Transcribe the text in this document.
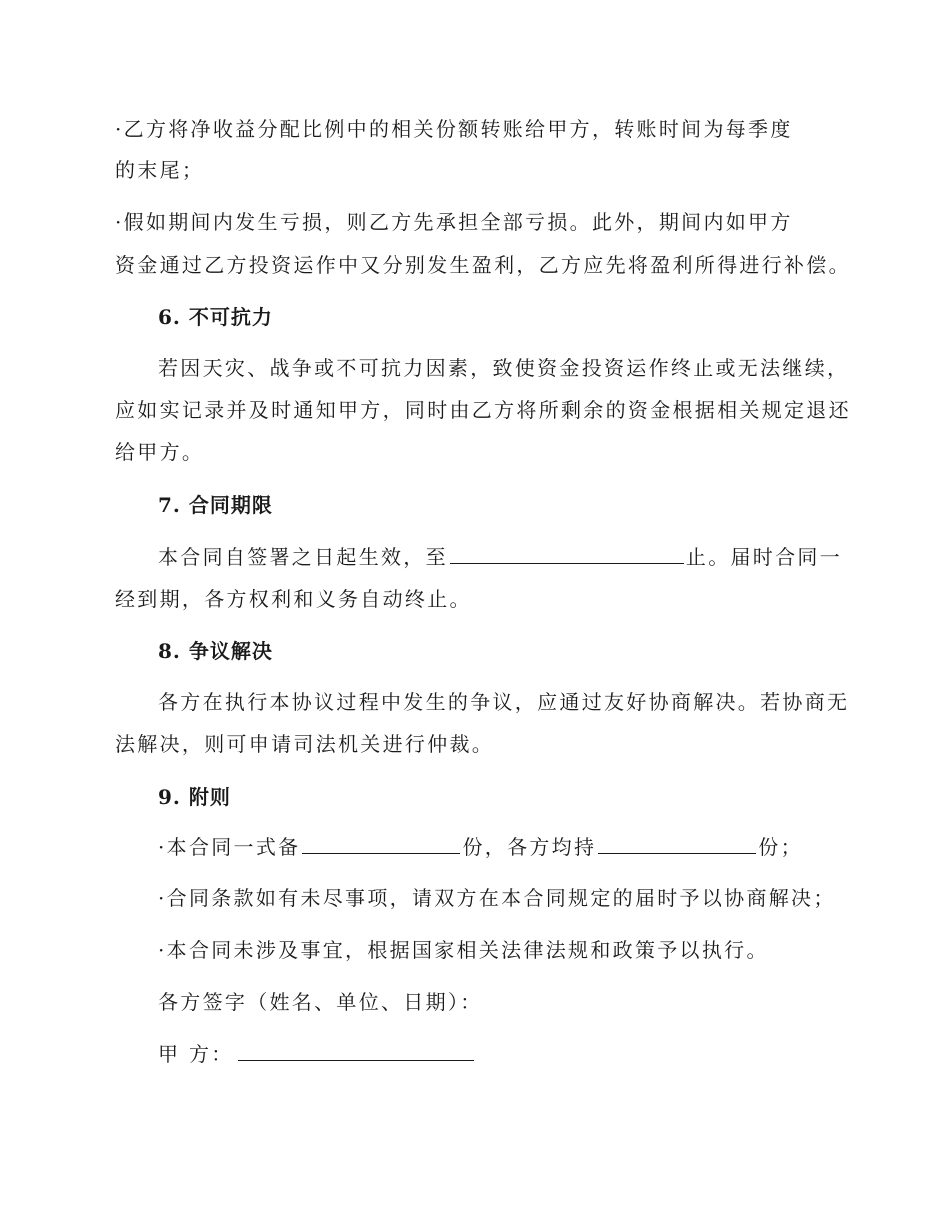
·乙方将净收益分配比例中的相关份额转账给甲方，转账时间为每季度
的末尾；
·假如期间内发生亏损，则乙方先承担全部亏损。此外，期间内如甲方
资金通过乙方投资运作中又分别发生盈利，乙方应先将盈利所得进行补偿。
6. 不可抗力
若因天灾、战争或不可抗力因素，致使资金投资运作终止或无法继续，
应如实记录并及时通知甲方，同时由乙方将所剩余的资金根据相关规定退还
给甲方。
7. 合同期限
本合同自签署之日起生效，至	止。届时合同一
经到期，各方权利和义务自动终止。
8. 争议解决
各方在执行本协议过程中发生的争议，应通过友好协商解决。若协商无
法解决，则可申请司法机关进行仲裁。
9. 附则
·本合同一式备	份，各方均持	份；
·合同条款如有未尽事项，请双方在本合同规定的届时予以协商解决；
·本合同未涉及事宜，根据国家相关法律法规和政策予以执行。
各方签字（姓名、单位、日期）：
甲 方：
